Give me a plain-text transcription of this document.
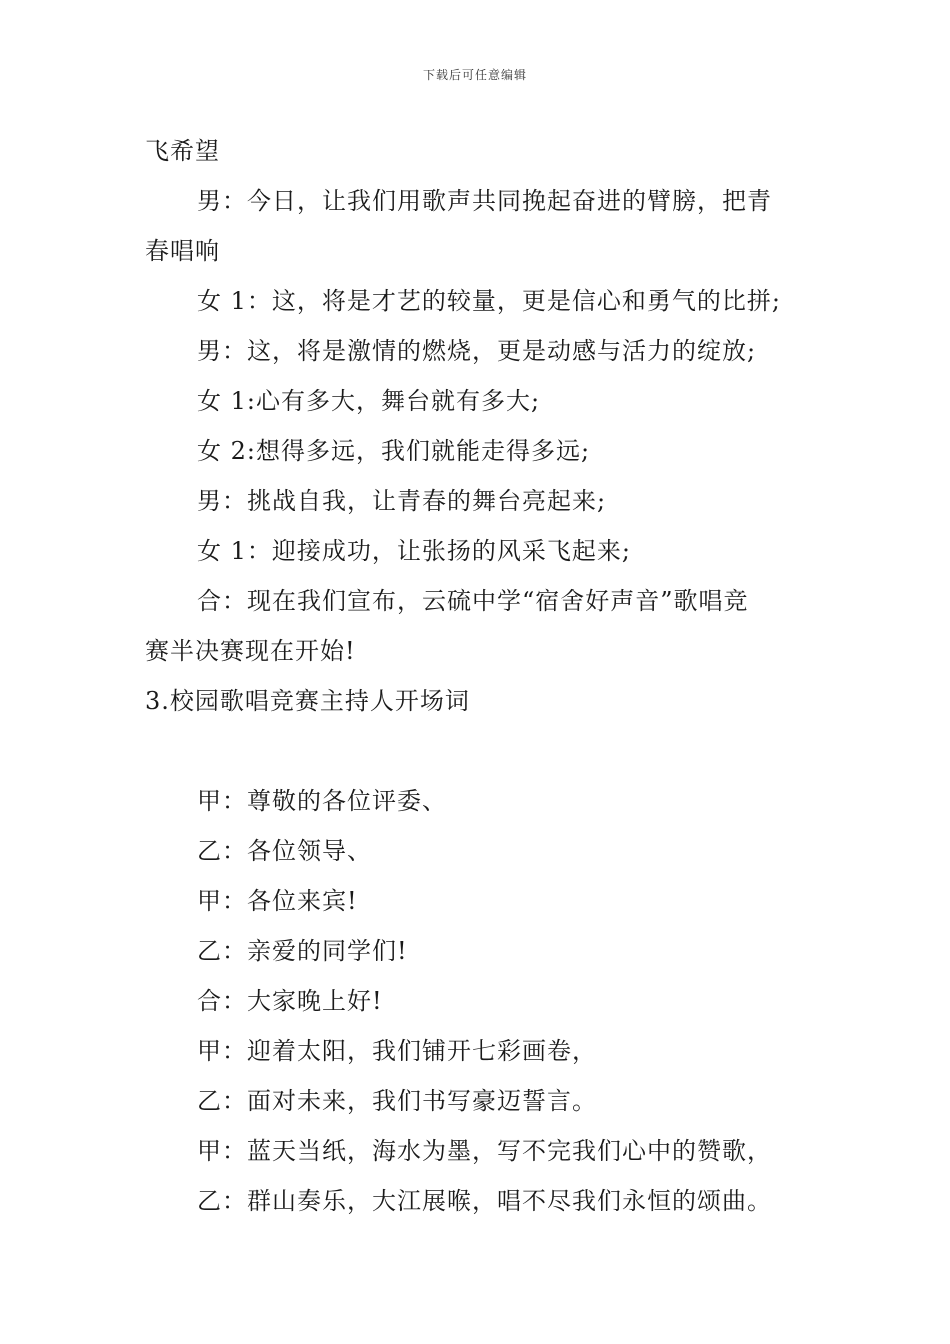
下载后可任意编辑
飞希望
男：今日，让我们用歌声共同挽起奋进的臂膀，把青
春唱响
女 1：这，将是才艺的较量，更是信心和勇气的比拼;
男：这，将是激情的燃烧，更是动感与活力的绽放;
女 1:心有多大，舞台就有多大;
女 2:想得多远，我们就能走得多远;
男：挑战自我，让青春的舞台亮起来;
女 1：迎接成功，让张扬的风采飞起来;
合：现在我们宣布，云硫中学“宿舍好声音”歌唱竞
赛半决赛现在开始!
3.校园歌唱竞赛主持人开场词
甲：尊敬的各位评委、
乙：各位领导、
甲：各位来宾!
乙：亲爱的同学们!
合：大家晚上好!
甲：迎着太阳，我们铺开七彩画卷，
乙：面对未来，我们书写豪迈誓言。
甲：蓝天当纸，海水为墨，写不完我们心中的赞歌，
乙：群山奏乐，大江展喉，唱不尽我们永恒的颂曲。
